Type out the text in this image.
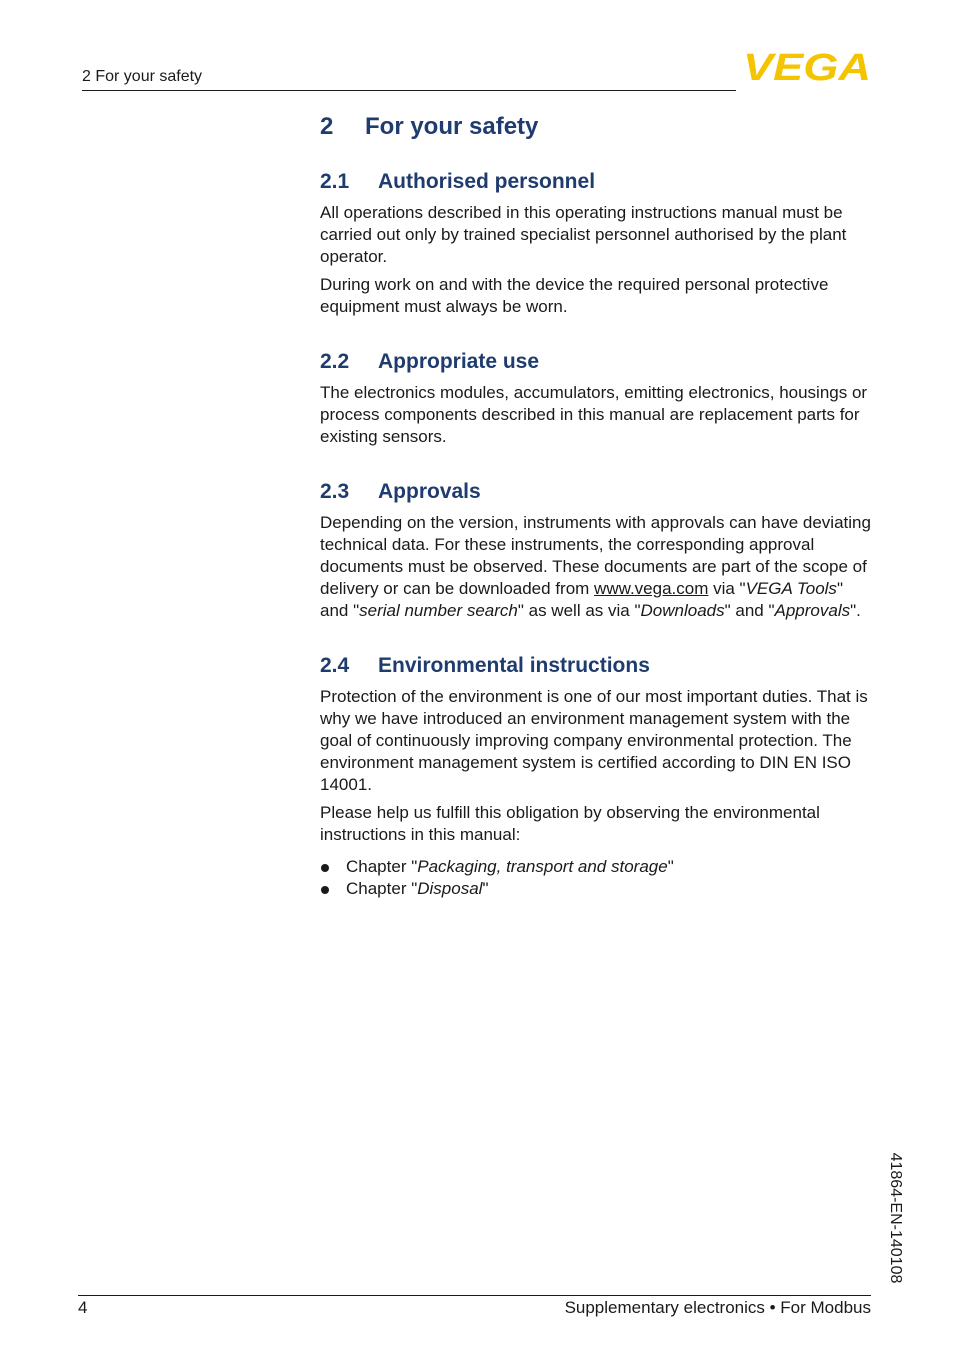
2 For your safety	VEGA
2 For your safety
2.1 Authorised personnel

All operations described in this operating instructions manual must be carried out only by trained specialist personnel authorised by the plant operator.

During work on and with the device the required personal protective equipment must always be worn.

2.2 Appropriate use

The electronics modules, accumulators, emitting electronics, housings or process components described in this manual are replacement parts for existing sensors.

2.3 Approvals

Depending on the version, instruments with approvals can have deviating technical data. For these instruments, the corresponding approval documents must be observed. These documents are part of the scope of delivery or can be downloaded from www.vega.com via "VEGA Tools" and "serial number search" as well as via "Downloads" and "Approvals".

2.4 Environmental instructions

Protection of the environment is one of our most important duties. That is why we have introduced an environment management system with the goal of continuously improving company environmental protection. The environment management system is certified according to DIN EN ISO 14001.

Please help us fulfill this obligation by observing the environmental instructions in this manual:

Chapter "Packaging, transport and storage"
Chapter "Disposal"
41864-EN-140108
4	Supplementary electronics • For Modbus
